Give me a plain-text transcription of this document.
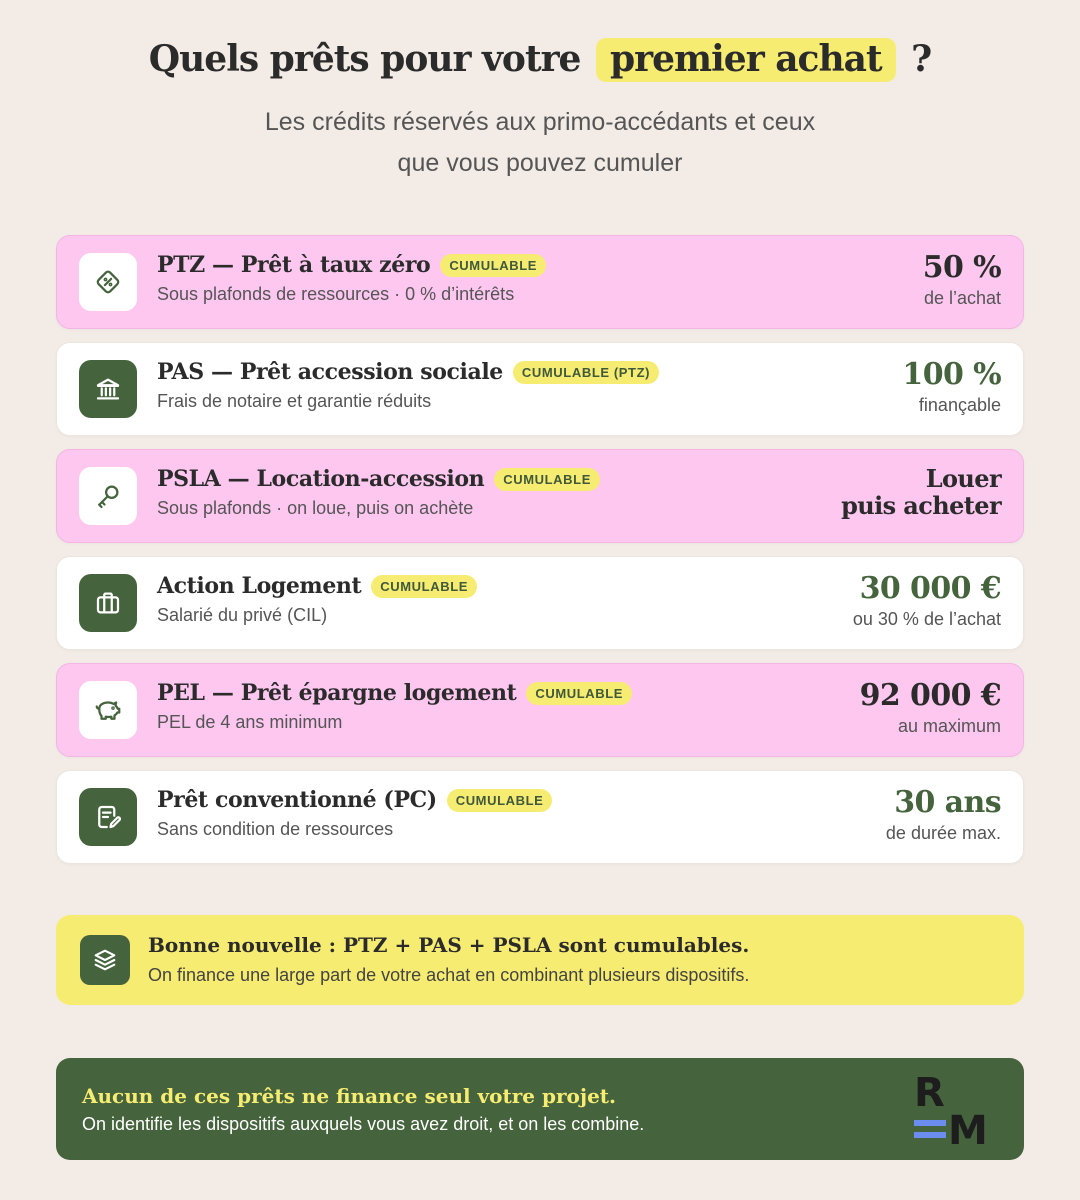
Quels prêts pour votre premier achat ?
Les crédits réservés aux primo-accédants et ceux
que vous pouvez cumuler
PTZ — Prêt à taux zéro	CUMULABLE
Sous plafonds de ressources · 0 % d’intérêts
50 %
de l’achat
PAS — Prêt accession sociale	CUMULABLE (PTZ)
Frais de notaire et garantie réduits
100 %
finançable
PSLA — Location-accession	CUMULABLE
Sous plafonds · on loue, puis on achète
Louer
puis acheter
Action Logement	CUMULABLE
Salarié du privé (CIL)
30 000 €
ou 30 % de l’achat
PEL — Prêt épargne logement	CUMULABLE
PEL de 4 ans minimum
92 000 €
au maximum
Prêt conventionné (PC)	CUMULABLE
Sans condition de ressources
30 ans
de durée max.
Bonne nouvelle : PTZ + PAS + PSLA sont cumulables.
On finance une large part de votre achat en combinant plusieurs dispositifs.
Aucun de ces prêts ne finance seul votre projet.
On identifie les dispositifs auxquels vous avez droit, et on les combine.
R
M
